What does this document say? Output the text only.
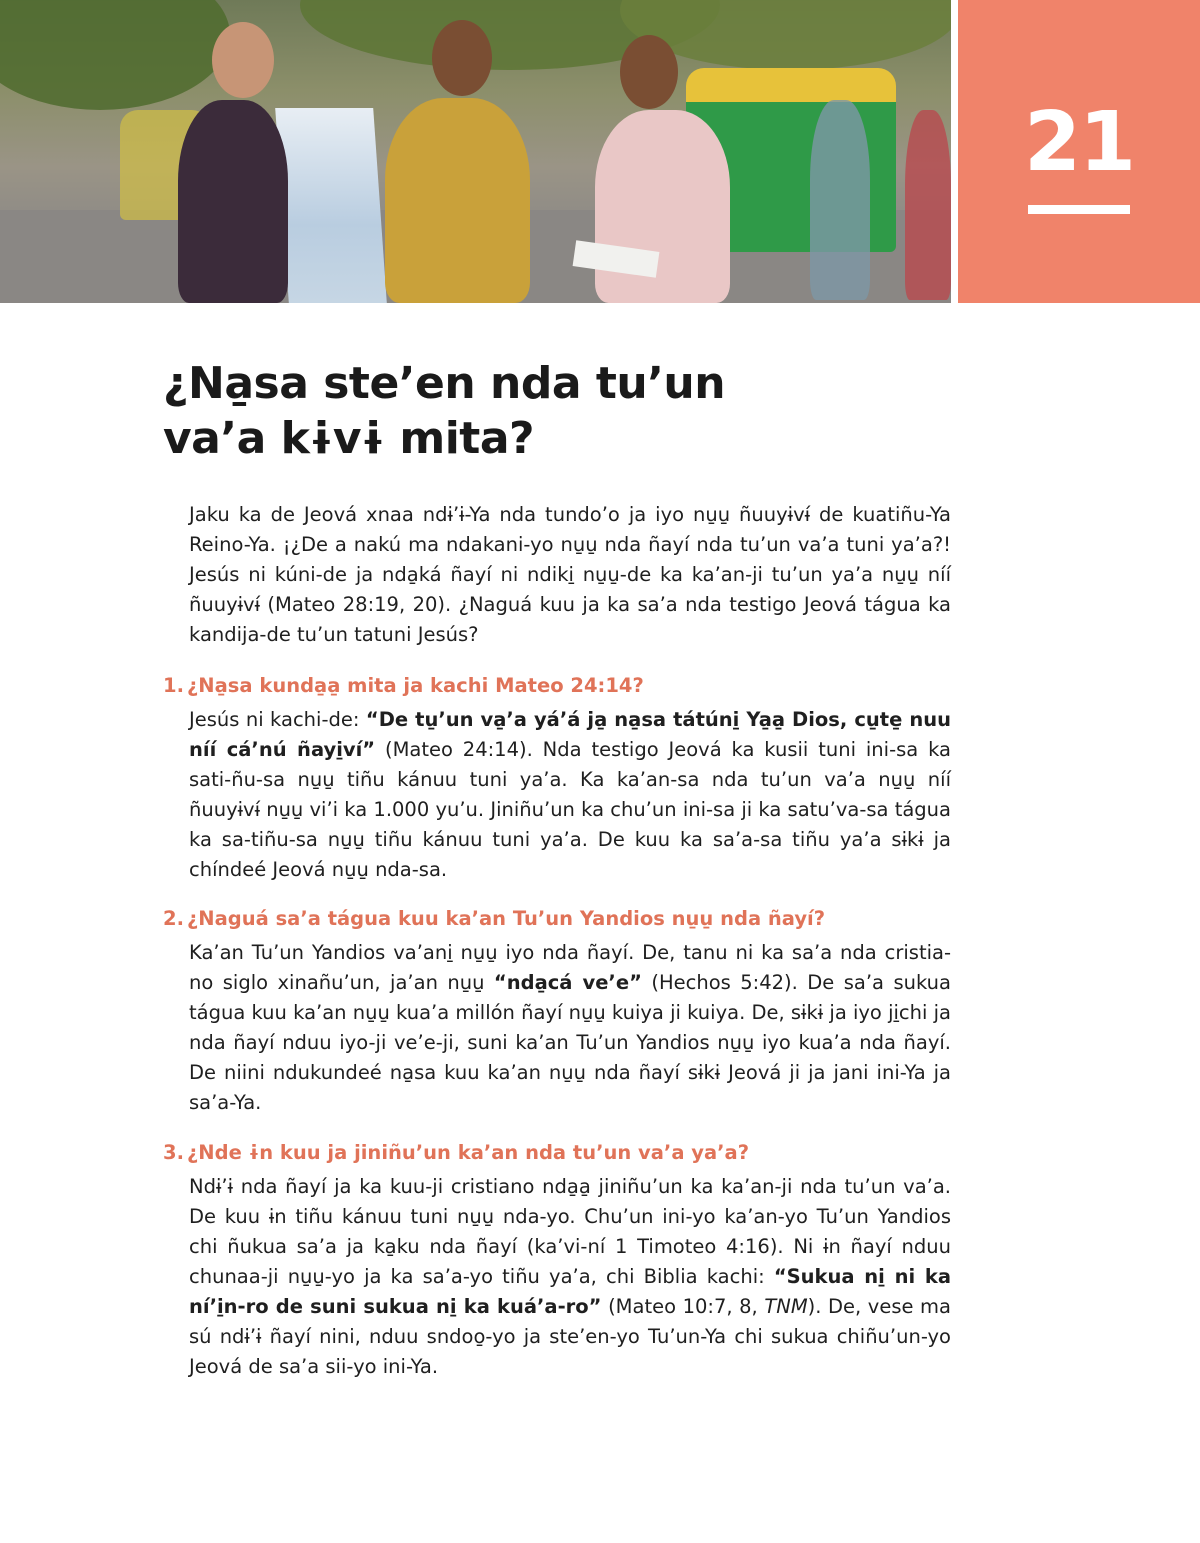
21
¿Na̱sa ste’en nda tu’un
va’a kɨvɨ mita?

Jaku ka de Jeová xnaa ndɨ’ɨ-Ya nda tundo’o ja iyo nu̱u̱ ñuuyɨvɨ́ de kuatiñu-Ya Reino-Ya. ¡¿De a nakú ma ndakani-yo nu̱u̱ nda ñayí nda tu’un va’a tuni ya’a?! Jesús ni kúni-de ja nda̱ká ñayí ni ndiki̱ nu̱u̱-de ka ka’an-ji tu’un ya’a nu̱u̱ níí ñuuyɨvɨ́ (Mateo 28:19, 20). ¿Naguá kuu ja ka sa’a nda testigo Jeová tágua ka kandija-de tu’un tatuni Jesús?

1. ¿Na̱sa kunda̱a̱ mita ja kachi Mateo 24:14?

Jesús ni kachi-de: “De tu̱’un va̱’a yá’á ja̱ na̱sa tátúni̱ Ya̱a̱ Dios, cu̱te̱ nuu níí cá’nú ñayi̱ví” (Mateo 24:14). Nda testigo Jeová ka kusii tuni ini-sa ka sati-ñu-sa nu̱u̱ tiñu kánuu tuni ya’a. Ka ka’an-sa nda tu’un va’a nu̱u̱ níí ñuuyɨvɨ́ nu̱u̱ vi’i ka 1.000 yu’u. Jiniñu’un ka chu’un ini-sa ji ka satu’va-sa tágua ka sa-tiñu-sa nu̱u̱ tiñu kánuu tuni ya’a. De kuu ka sa’a-sa tiñu ya’a sɨkɨ ja chíndeé Jeová nu̱u̱ nda-sa.

2. ¿Naguá sa’a tágua kuu ka’an Tu’un Yandios nu̱u̱ nda ñayí?

Ka’an Tu’un Yandios va’ani̱ nu̱u̱ iyo nda ñayí. De, tanu ni ka sa’a nda cristia-no siglo xinañu’un, ja’an nu̱u̱ “nda̱cá ve’e” (Hechos 5:42). De sa’a sukua tágua kuu ka’an nu̱u̱ kua’a millón ñayí nu̱u̱ kuiya ji kuiya. De, sɨkɨ ja iyo ji̱chi ja nda ñayí nduu iyo-ji ve’e-ji, suni ka’an Tu’un Yandios nu̱u̱ iyo kua’a nda ñayí. De niini ndukundeé na̱sa kuu ka’an nu̱u̱ nda ñayí sɨkɨ Jeová ji ja jani ini-Ya ja sa’a-Ya.

3. ¿Nde ɨn kuu ja jiniñu’un ka’an nda tu’un va’a ya’a?

Ndɨ’ɨ nda ñayí ja ka kuu-ji cristiano nda̱a̱ jiniñu’un ka ka’an-ji nda tu’un va’a. De kuu ɨn tiñu kánuu tuni nu̱u̱ nda-yo. Chu’un ini-yo ka’an-yo Tu’un Yandios chi ñukua sa’a ja ka̱ku nda ñayí (ka’vi-ní 1 Timoteo 4:16). Ni ɨn ñayí nduu chunaa-ji nu̱u̱-yo ja ka sa’a-yo tiñu ya’a, chi Biblia kachi: “Sukua ni̱ ni ka ní’i̱n-ro de suni sukua ni̱ ka kuá’a-ro” (Mateo 10:7, 8, TNM). De, vese ma sú ndɨ’ɨ ñayí nini, nduu sndoo̱-yo ja ste’en-yo Tu’un-Ya chi sukua chiñu’un-yo Jeová de sa’a sii-yo ini-Ya.
